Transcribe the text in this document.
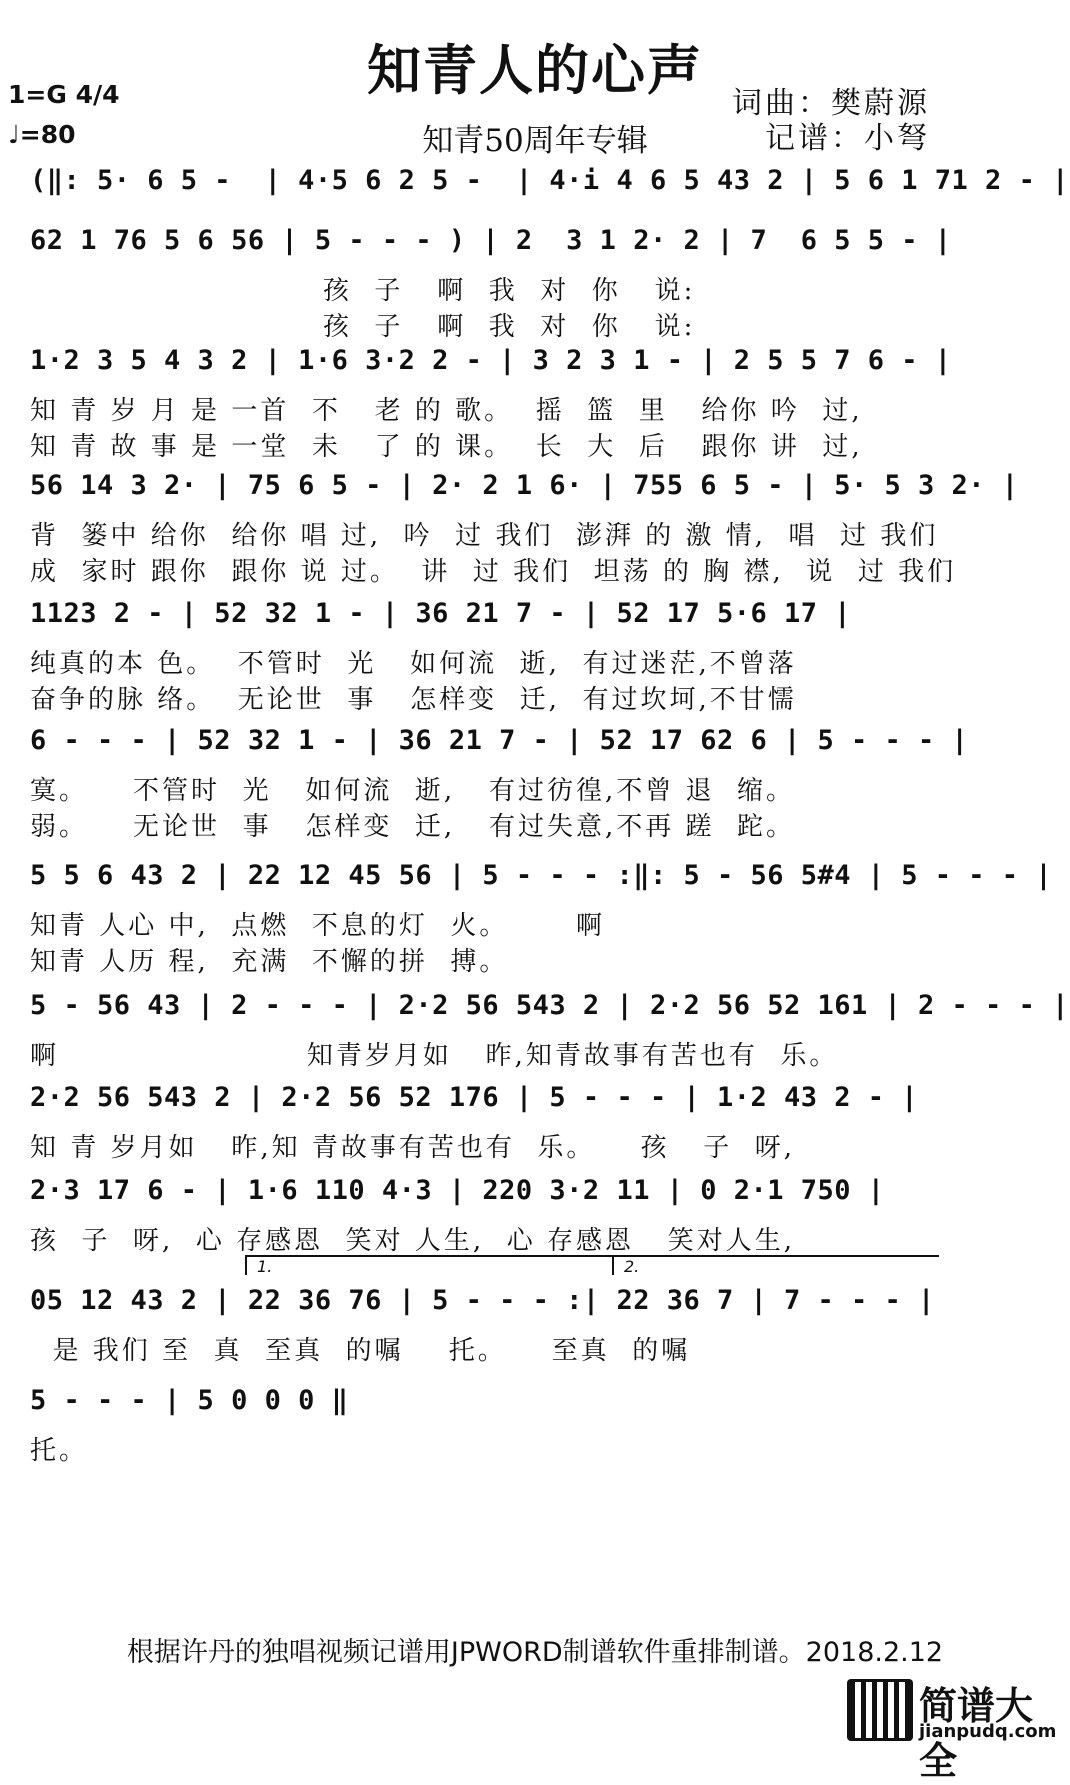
知青人的心声
知青50周年专辑
1=G 4/4
♩=80
词曲：樊蔚源
记谱：小弩
(‖: 5· 6 5 -  | 4·5 6 2 5 -  | 4·i 4 6 5 43 2 | 5 6 1 71 2 - |
62 1 76 5 6 56 | 5 - - - ) | 2  3 1 2· 2 | 7  6 5 5 - |
孩  子   啊  我  对  你   说:
孩  子   啊  我  对  你   说:
1·2 3 5 4 3 2 | 1·6 3·2 2 - | 3 2 3 1 - | 2 5 5 7 6 - |
知 青 岁 月 是 一首  不   老 的 歌。  摇  篮  里   给你 吟  过,
知 青 故 事 是 一堂  未   了 的 课。  长  大  后   跟你 讲  过,
56 14 3 2· | 75 6 5 - | 2· 2 1 6· | 755 6 5 - | 5· 5 3 2· |
背  篓中 给你  给你 唱 过,  吟  过 我们  澎湃 的 激 情,  唱  过 我们
成  家时 跟你  跟你 说 过。  讲  过 我们  坦荡 的 胸 襟,  说  过 我们
1123 2 - | 52 32 1 - | 36 21 7 - | 52 17 5·6 17 |
纯真的本 色。  不管时  光   如何流  逝,  有过迷茫,不曾落
奋争的脉 络。  无论世  事   怎样变  迁,  有过坎坷,不甘懦
6 - - - | 52 32 1 - | 36 21 7 - | 52 17 62 6 | 5 - - - |
寞。    不管时  光   如何流  逝,   有过彷徨,不曾 退  缩。
弱。    无论世  事   怎样变  迁,   有过失意,不再 蹉  跎。
5 5 6 43 2 | 22 12 45 56 | 5 - - - :‖: 5 - 56 5#4 | 5 - - - |
知青 人心 中,  点燃  不息的灯  火。      啊
知青 人历 程,  充满  不懈的拼  搏。
5 - 56 43 | 2 - - - | 2·2 56 543 2 | 2·2 56 52 161 | 2 - - - |
啊                      知青岁月如   昨,知青故事有苦也有  乐。
2·2 56 543 2 | 2·2 56 52 176 | 5 - - - | 1·2 43 2 - |
知 青 岁月如   昨,知 青故事有苦也有  乐。    孩   子  呀,
2·3 17 6 - | 1·6 110 4·3 | 220 3·2 11 | 0 2·1 750 |
孩  子  呀,  心 存感恩  笑对 人生,  心 存感恩   笑对人生,
05 12 43 2 | 22 36 76 | 5 - - - :| 22 36 7 | 7 - - - |
是 我们 至  真  至真  的嘱    托。    至真  的嘱
5 - - - | 5 0 0 0 ‖
托。
1.	2.
根据许丹的独唱视频记谱用JPWORD制谱软件重排制谱。2018.2.12
简谱大全
jianpudq.com
